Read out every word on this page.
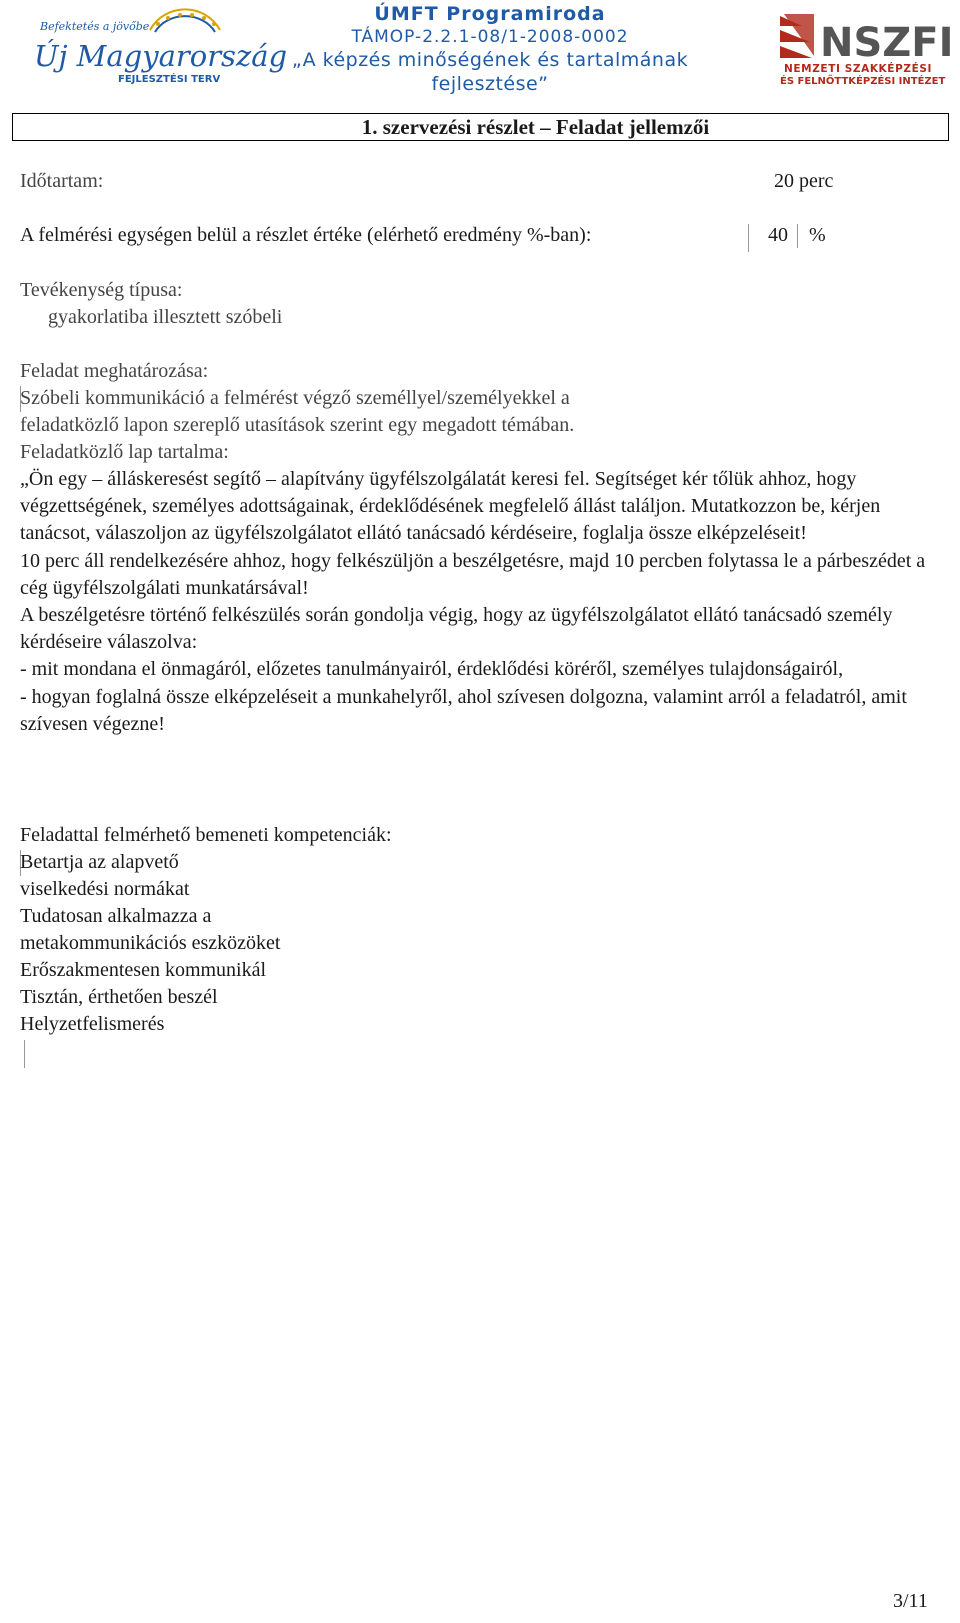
Befektetés a jövőbe
Új Magyarország
FEJLESZTÉSI TERV
ÚMFT Programiroda
TÁMOP-2.2.1-08/1-2008-0002
„A képzés minőségének és tartalmának
fejlesztése”
NSZFI
NEMZETI SZAKKÉPZÉSI
ÉS FELNŐTTKÉPZÉSI INTÉZET
1. szervezési részlet – Feladat jellemzői
Időtartam:	20 perc
A felmérési egységen belül a részlet értéke (elérhető eredmény %-ban):	40 %
Tevékenység típusa:
gyakorlatiba illesztett szóbeli
Feladat meghatározása:
Szóbeli kommunikáció a felmérést végző személlyel/személyekkel a
feladatközlő lapon szereplő utasítások szerint egy megadott témában.
Feladatközlő lap tartalma:

„Ön egy – álláskeresést segítő – alapítvány ügyfélszolgálatát keresi fel. Segítséget kér tőlük ahhoz, hogy végzettségének, személyes adottságainak, érdeklődésének megfelelő állást találjon. Mutatkozzon be, kérjen tanácsot, válaszoljon az ügyfélszolgálatot ellátó tanácsadó kérdéseire, foglalja össze elképzeléseit!

10 perc áll rendelkezésére ahhoz, hogy felkészüljön a beszélgetésre, majd 10 percben folytassa le a párbeszédet a cég ügyfélszolgálati munkatársával!

A beszélgetésre történő felkészülés során gondolja végig, hogy az ügyfélszolgálatot ellátó tanácsadó személy kérdéseire válaszolva:

- mit mondana el önmagáról, előzetes tanulmányairól, érdeklődési köréről, személyes tulajdonságairól,

- hogyan foglalná össze elképzeléseit a munkahelyről, ahol szívesen dolgozna, valamint arról a feladatról, amit szívesen végezne!

Feladattal felmérhető bemeneti kompetenciák:
Betartja az alapvető
viselkedési normákat
Tudatosan alkalmazza a
metakommunikációs eszközöket
Erőszakmentesen kommunikál
Tisztán, érthetően beszél
Helyzetfelismerés
3/11
